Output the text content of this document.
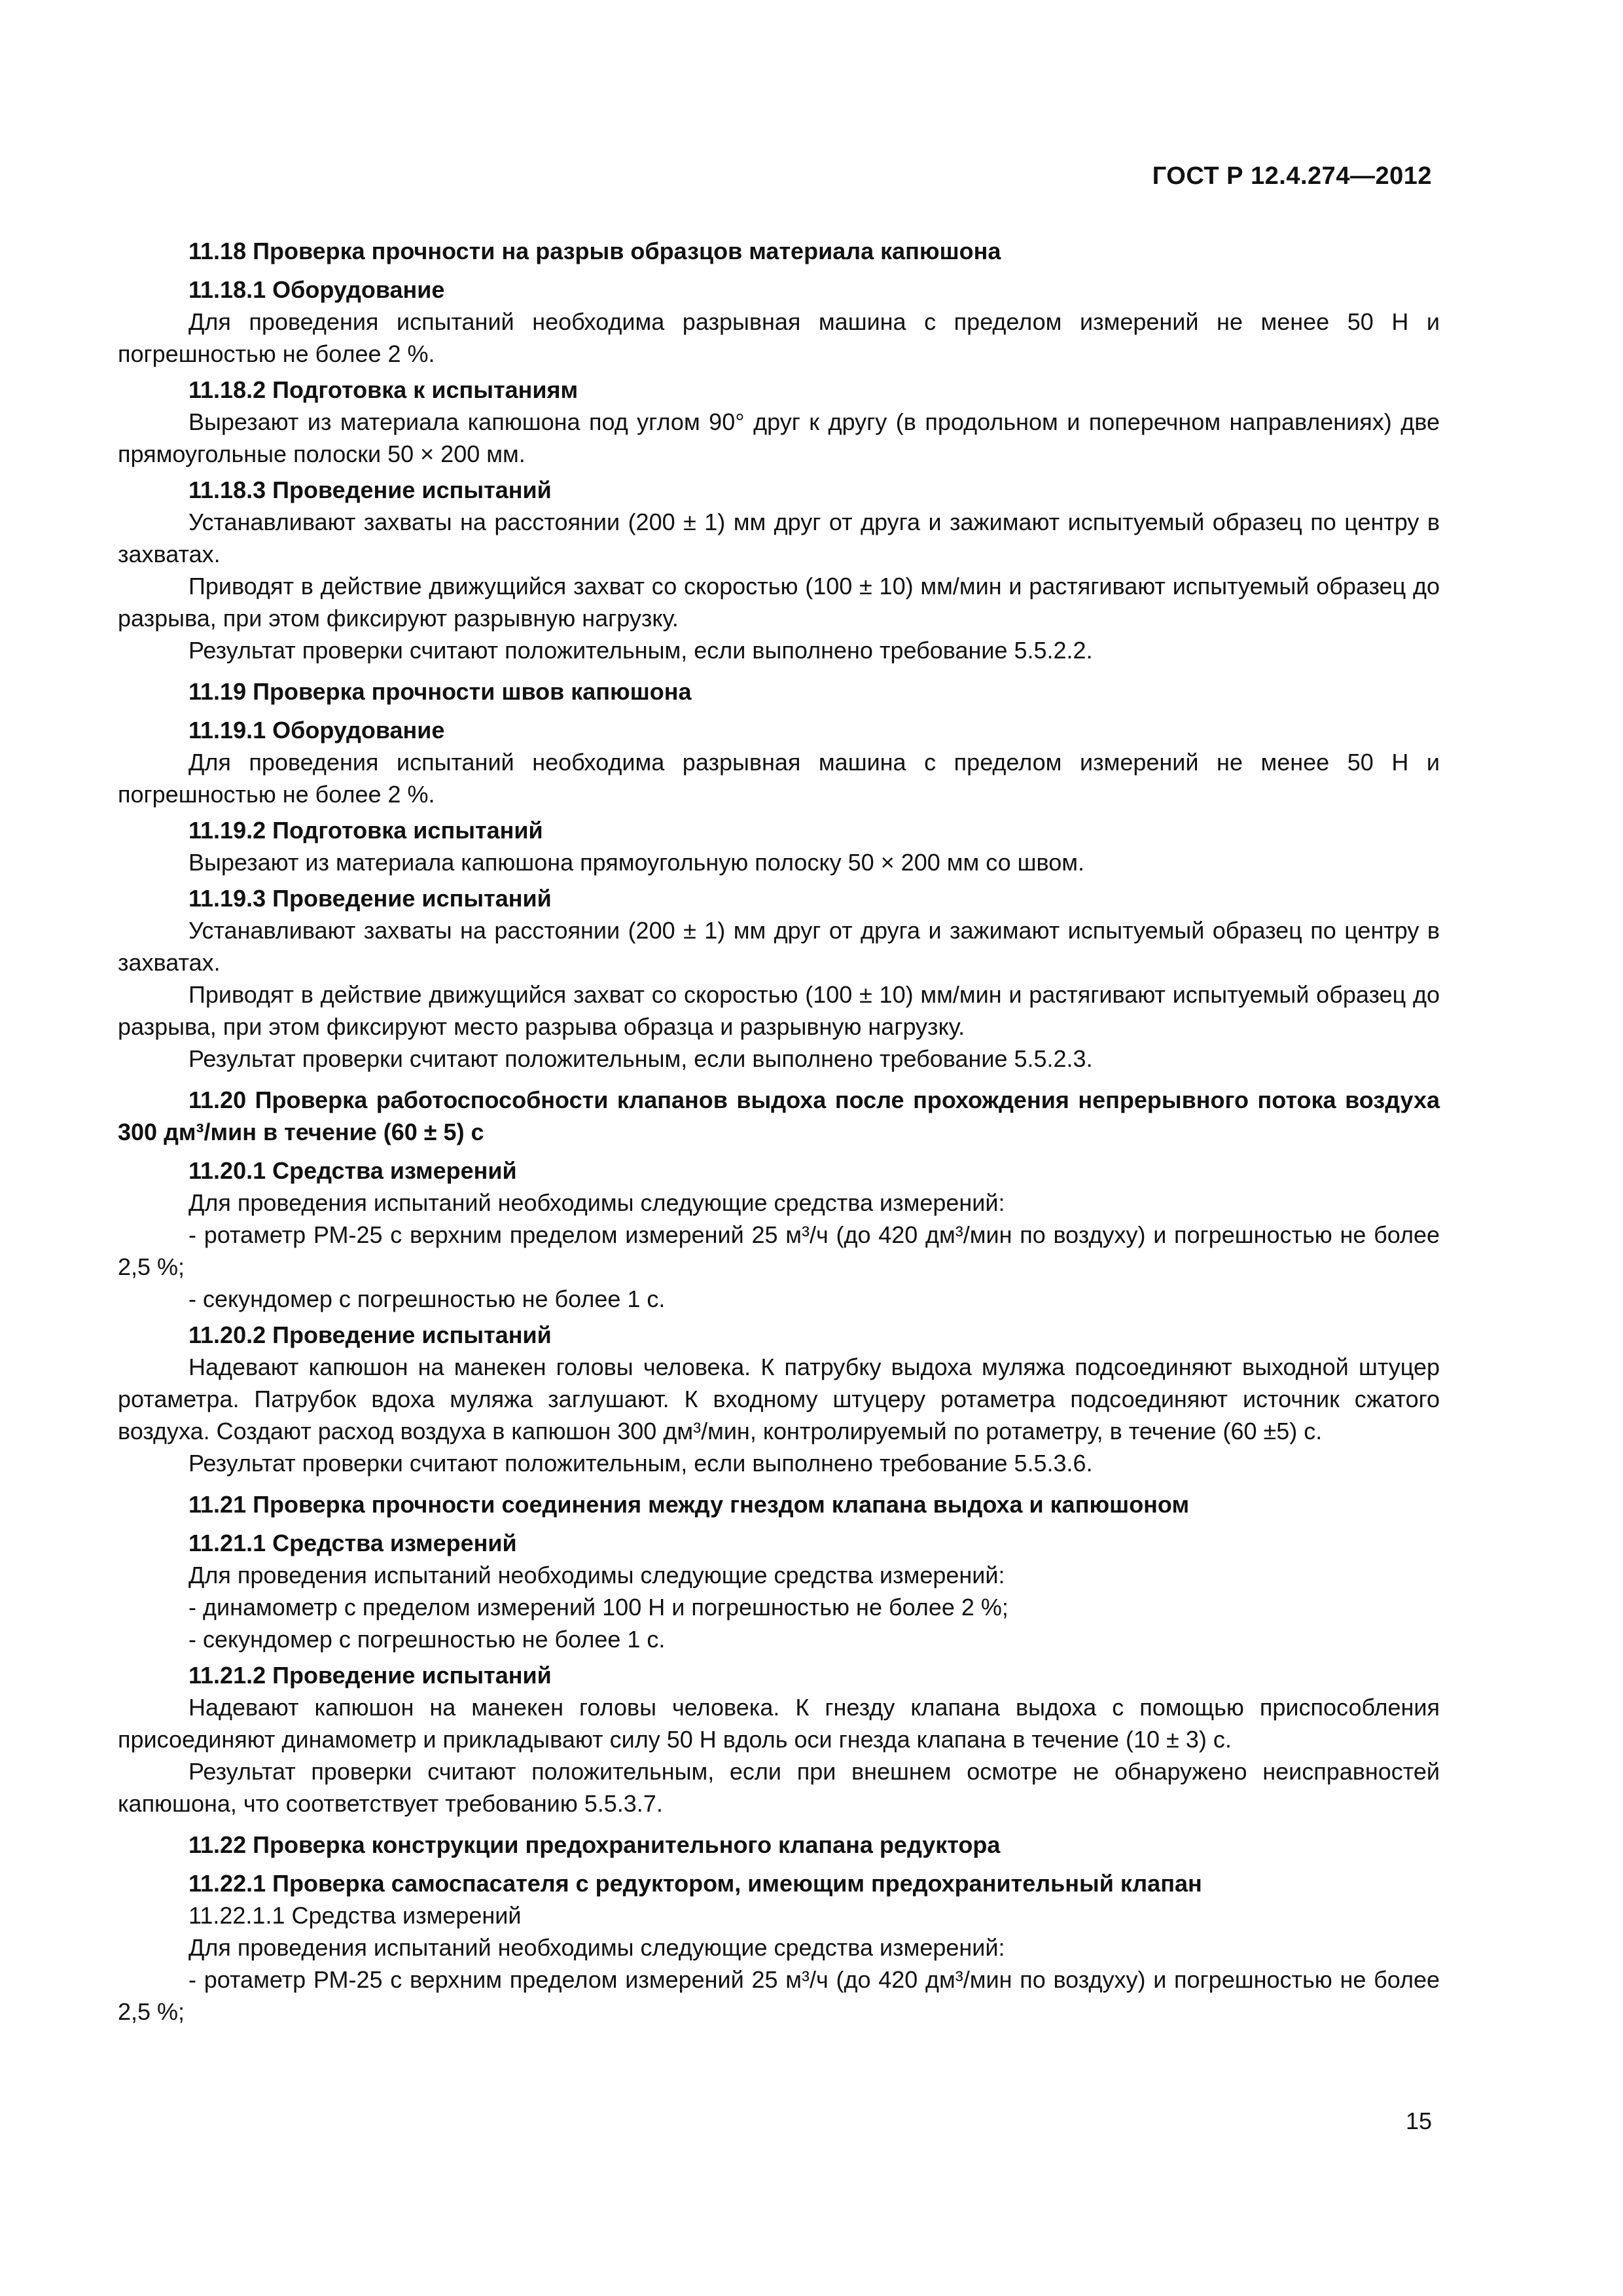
ГОСТ Р 12.4.274—2012

11.18 Проверка прочности на разрыв образцов материала капюшона

11.18.1 Оборудование

Для проведения испытаний необходима разрывная машина с пределом измерений не менее 50 Н и погрешностью не более 2 %.

11.18.2 Подготовка к испытаниям

Вырезают из материала капюшона под углом 90° друг к другу (в продольном и поперечном направлениях) две прямоугольные полоски 50 × 200 мм.

11.18.3 Проведение испытаний

Устанавливают захваты на расстоянии (200 ± 1) мм друг от друга и зажимают испытуемый образец по центру в захватах.

Приводят в действие движущийся захват со скоростью (100 ± 10) мм/мин и растягивают испытуемый образец до разрыва, при этом фиксируют разрывную нагрузку.

Результат проверки считают положительным, если выполнено требование 5.5.2.2.

11.19 Проверка прочности швов капюшона

11.19.1 Оборудование

Для проведения испытаний необходима разрывная машина с пределом измерений не менее 50 Н и погрешностью не более 2 %.

11.19.2 Подготовка испытаний

Вырезают из материала капюшона прямоугольную полоску 50 × 200 мм со швом.

11.19.3 Проведение испытаний

Устанавливают захваты на расстоянии (200 ± 1) мм друг от друга и зажимают испытуемый образец по центру в захватах.

Приводят в действие движущийся захват со скоростью (100 ± 10) мм/мин и растягивают испытуемый образец до разрыва, при этом фиксируют место разрыва образца и разрывную нагрузку.

Результат проверки считают положительным, если выполнено требование 5.5.2.3.

11.20 Проверка работоспособности клапанов выдоха после прохождения непрерывного потока воздуха 300 дм³/мин в течение (60 ± 5) с

11.20.1 Средства измерений

Для проведения испытаний необходимы следующие средства измерений:

- ротаметр РМ-25 с верхним пределом измерений 25 м³/ч (до 420 дм³/мин по воздуху) и погрешностью не более 2,5 %;

- секундомер с погрешностью не более 1 с.

11.20.2 Проведение испытаний

Надевают капюшон на манекен головы человека. К патрубку выдоха муляжа подсоединяют выходной штуцер ротаметра. Патрубок вдоха муляжа заглушают. К входному штуцеру ротаметра подсоединяют источник сжатого воздуха. Создают расход воздуха в капюшон 300 дм³/мин, контролируемый по ротаметру, в течение (60 ±5) с.

Результат проверки считают положительным, если выполнено требование 5.5.3.6.

11.21 Проверка прочности соединения между гнездом клапана выдоха и капюшоном

11.21.1 Средства измерений

Для проведения испытаний необходимы следующие средства измерений:

- динамометр с пределом измерений 100 Н и погрешностью не более 2 %;

- секундомер с погрешностью не более 1 с.

11.21.2 Проведение испытаний

Надевают капюшон на манекен головы человека. К гнезду клапана выдоха с помощью приспособления присоединяют динамометр и прикладывают силу 50 Н вдоль оси гнезда клапана в течение (10 ± 3) с.

Результат проверки считают положительным, если при внешнем осмотре не обнаружено неисправностей капюшона, что соответствует требованию 5.5.3.7.

11.22 Проверка конструкции предохранительного клапана редуктора

11.22.1 Проверка самоспасателя с редуктором, имеющим предохранительный клапан

11.22.1.1 Средства измерений

Для проведения испытаний необходимы следующие средства измерений:

- ротаметр РМ-25 с верхним пределом измерений 25 м³/ч (до 420 дм³/мин по воздуху) и погрешностью не более 2,5 %;

15
